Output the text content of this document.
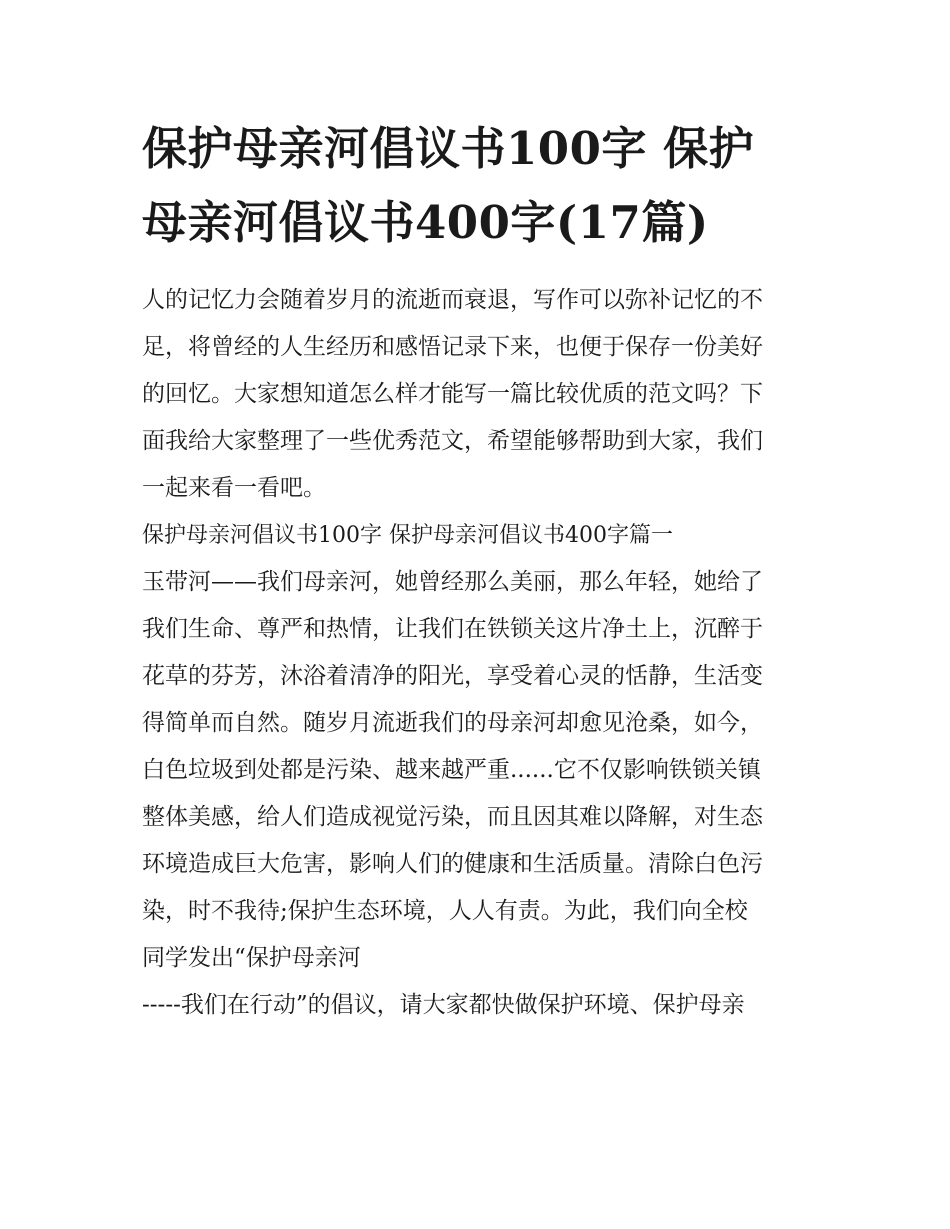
保护母亲河倡议书100字 保护
母亲河倡议书400字(17篇)

人的记忆力会随着岁月的流逝而衰退，写作可以弥补记忆的不
足，将曾经的人生经历和感悟记录下来，也便于保存一份美好
的回忆。大家想知道怎么样才能写一篇比较优质的范文吗？下
面我给大家整理了一些优秀范文，希望能够帮助到大家，我们
一起来看一看吧。

保护母亲河倡议书100字 保护母亲河倡议书400字篇一

玉带河——我们母亲河，她曾经那么美丽，那么年轻，她给了
我们生命、尊严和热情，让我们在铁锁关这片净土上，沉醉于
花草的芬芳，沐浴着清净的阳光，享受着心灵的恬静，生活变
得简单而自然。随岁月流逝我们的母亲河却愈见沧桑，如今，
白色垃圾到处都是污染、越来越严重......它不仅影响铁锁关镇
整体美感，给人们造成视觉污染，而且因其难以降解，对生态
环境造成巨大危害，影响人们的健康和生活质量。清除白色污
染，时不我待;保护生态环境，人人有责。为此，我们向全校
同学发出“保护母亲河

-----我们在行动”的倡议，请大家都快做保护环境、保护母亲
